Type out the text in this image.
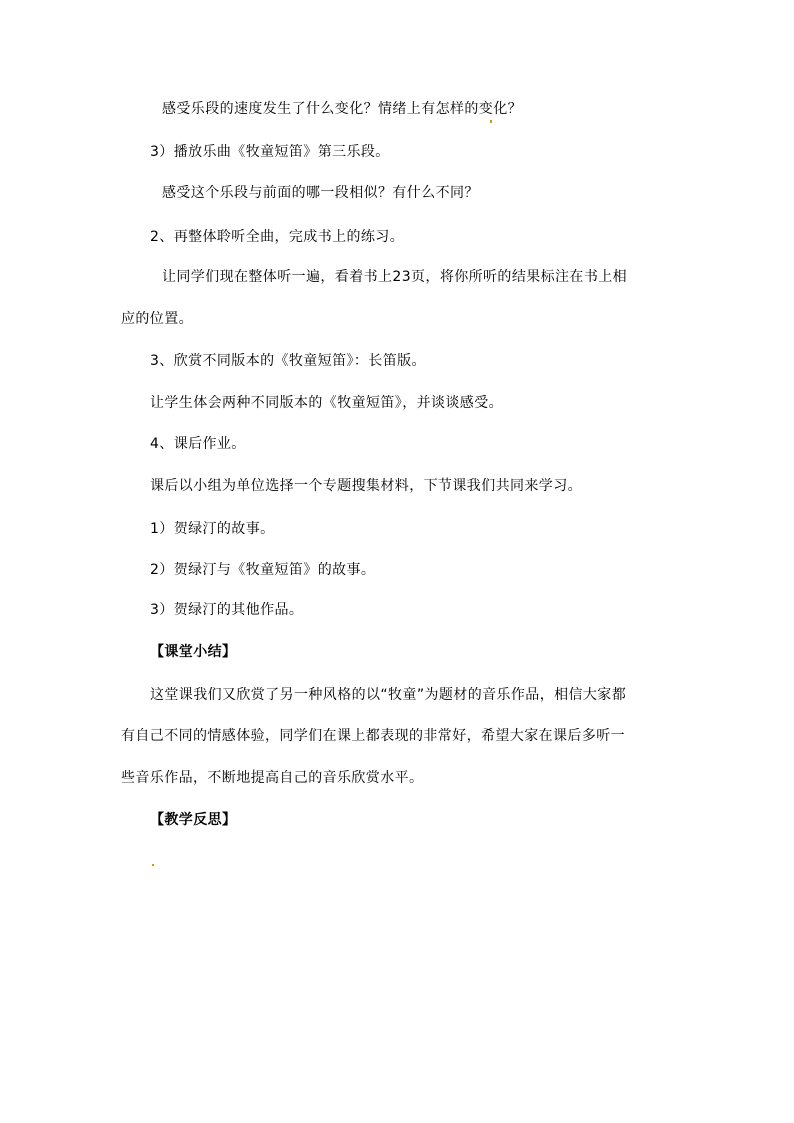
感受乐段的速度发生了什么变化？情绪上有怎样的变化？
3）播放乐曲《牧童短笛》第三乐段。
感受这个乐段与前面的哪一段相似？有什么不同？
2、再整体聆听全曲，完成书上的练习。
让同学们现在整体听一遍，看着书上23页，将你所听的结果标注在书上相
应的位置。
3、欣赏不同版本的《牧童短笛》：长笛版。
让学生体会两种不同版本的《牧童短笛》，并谈谈感受。
4、课后作业。
课后以小组为单位选择一个专题搜集材料，下节课我们共同来学习。
1）贺绿汀的故事。
2）贺绿汀与《牧童短笛》的故事。
3）贺绿汀的其他作品。
【课堂小结】
这堂课我们又欣赏了另一种风格的以“牧童”为题材的音乐作品，相信大家都
有自己不同的情感体验，同学们在课上都表现的非常好，希望大家在课后多听一
些音乐作品，不断地提高自己的音乐欣赏水平。
【教学反思】
